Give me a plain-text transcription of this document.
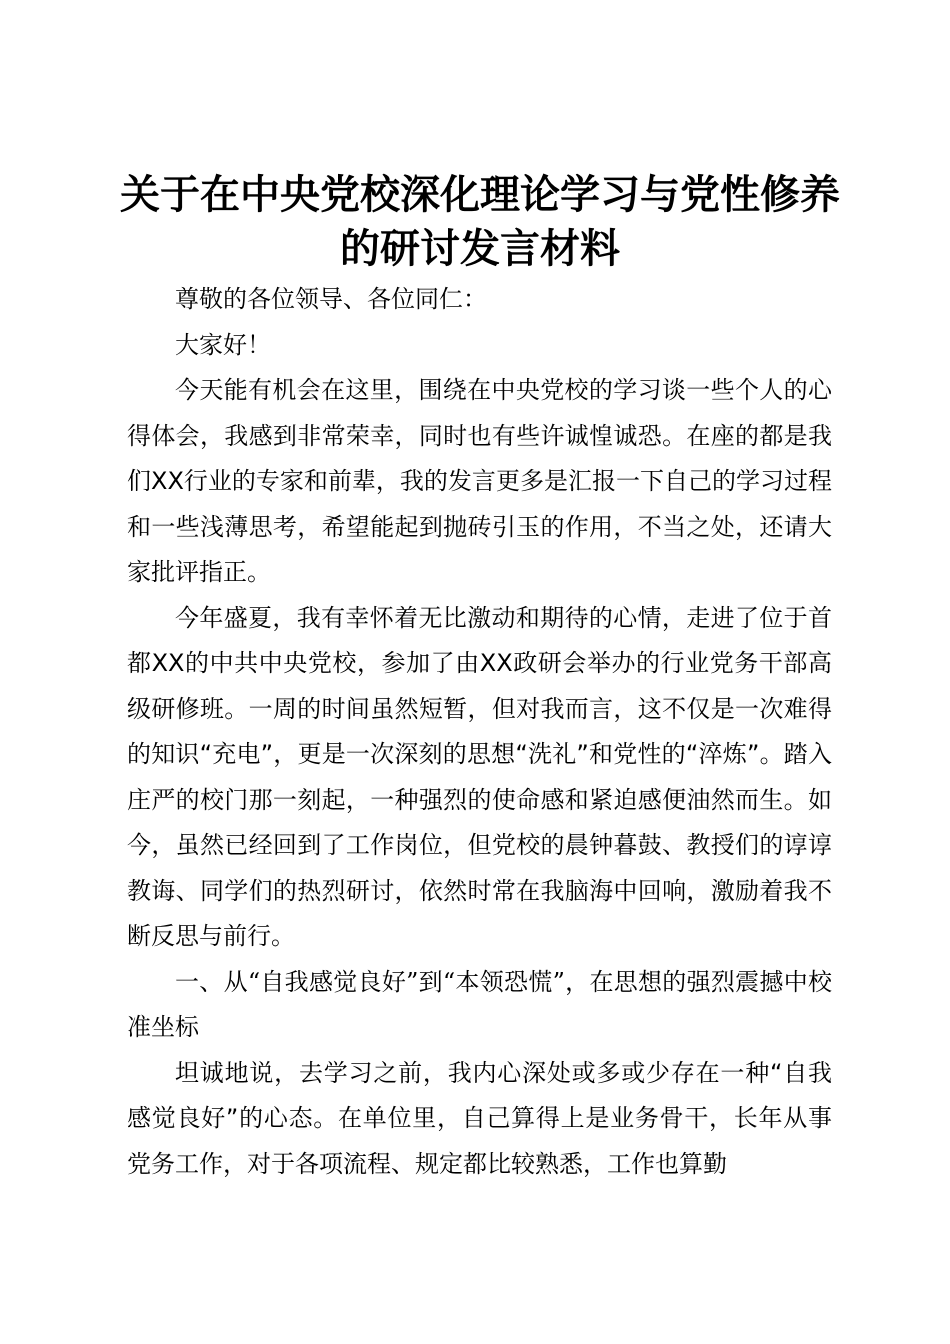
关于在中央党校深化理论学习与党性修养的研讨发言材料

尊敬的各位领导、各位同仁：

大家好！

今天能有机会在这里，围绕在中央党校的学习谈一些个人的心得体会，我感到非常荣幸，同时也有些许诚惶诚恐。在座的都是我们XX行业的专家和前辈，我的发言更多是汇报一下自己的学习过程和一些浅薄思考，希望能起到抛砖引玉的作用，不当之处，还请大家批评指正。

今年盛夏，我有幸怀着无比激动和期待的心情，走进了位于首都XX的中共中央党校，参加了由XX政研会举办的行业党务干部高级研修班。一周的时间虽然短暂，但对我而言，这不仅是一次难得的知识“充电”，更是一次深刻的思想“洗礼”和党性的“淬炼”。踏入庄严的校门那一刻起，一种强烈的使命感和紧迫感便油然而生。如今，虽然已经回到了工作岗位，但党校的晨钟暮鼓、教授们的谆谆教诲、同学们的热烈研讨，依然时常在我脑海中回响，激励着我不断反思与前行。

一、从“自我感觉良好”到“本领恐慌”，在思想的强烈震撼中校准坐标

坦诚地说，去学习之前，我内心深处或多或少存在一种“自我感觉良好”的心态。在单位里，自己算得上是业务骨干，长年从事党务工作，对于各项流程、规定都比较熟悉，工作也算勤
